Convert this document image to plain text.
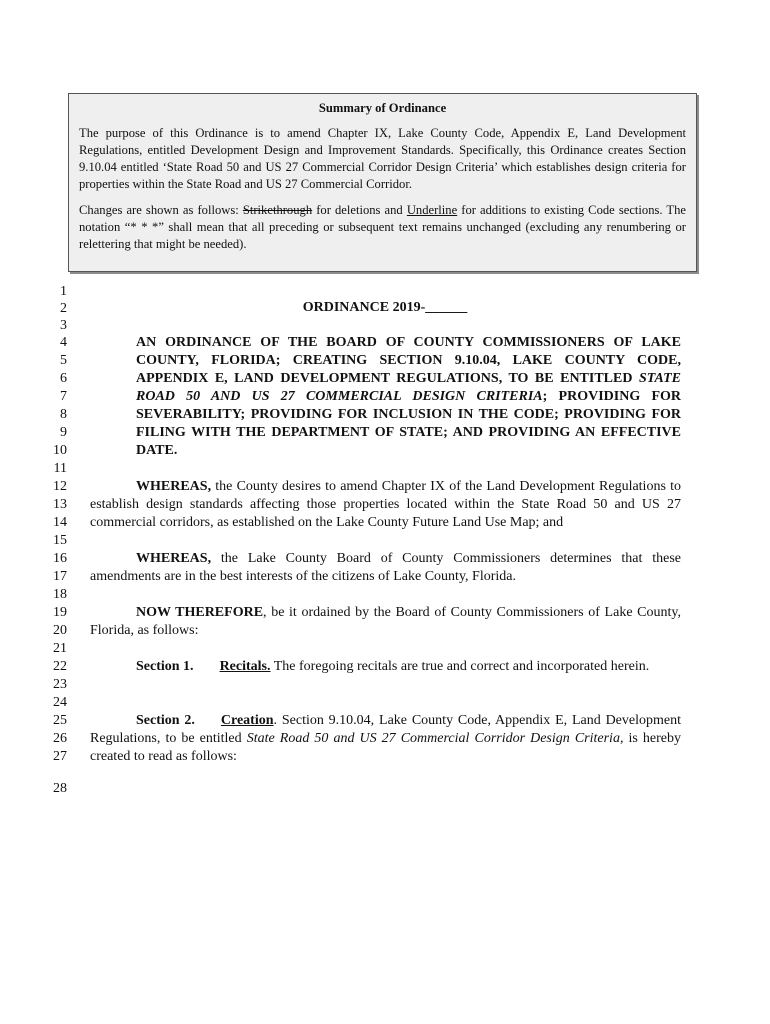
Summary of Ordinance

The purpose of this Ordinance is to amend Chapter IX, Lake County Code, Appendix E, Land Development Regulations, entitled Development Design and Improvement Standards. Specifically, this Ordinance creates Section 9.10.04 entitled ‘State Road 50 and US 27 Commercial Corridor Design Criteria’ which establishes design criteria for properties within the State Road and US 27 Commercial Corridor.

Changes are shown as follows: Strikethrough for deletions and Underline for additions to existing Code sections. The notation “* * *” shall mean that all preceding or subsequent text remains unchanged (excluding any renumbering or relettering that might be needed).

1
2
3
4
5
6
7
8
9
10
11
12
13
14
15
16
17
18
19
20
21
22
23
24
25
26
27
28
ORDINANCE 2019-______
AN ORDINANCE OF THE BOARD OF COUNTY COMMISSIONERS OF LAKE COUNTY, FLORIDA; CREATING SECTION 9.10.04, LAKE COUNTY CODE, APPENDIX E, LAND DEVELOPMENT REGULATIONS, TO BE ENTITLED STATE ROAD 50 AND US 27 COMMERCIAL DESIGN CRITERIA; PROVIDING FOR SEVERABILITY; PROVIDING FOR INCLUSION IN THE CODE; PROVIDING FOR FILING WITH THE DEPARTMENT OF STATE; AND PROVIDING AN EFFECTIVE DATE.
WHEREAS, the County desires to amend Chapter IX of the Land Development Regulations to establish design standards affecting those properties located within the State Road 50 and US 27 commercial corridors, as established on the Lake County Future Land Use Map; and
WHEREAS, the Lake County Board of County Commissioners determines that these amendments are in the best interests of the citizens of Lake County, Florida.
NOW THEREFORE, be it ordained by the Board of County Commissioners of Lake County, Florida, as follows:
Section 1. Recitals. The foregoing recitals are true and correct and incorporated herein.
Section 2. Creation. Section 9.10.04, Lake County Code, Appendix E, Land Development Regulations, to be entitled State Road 50 and US 27 Commercial Corridor Design Criteria, is hereby created to read as follows:
